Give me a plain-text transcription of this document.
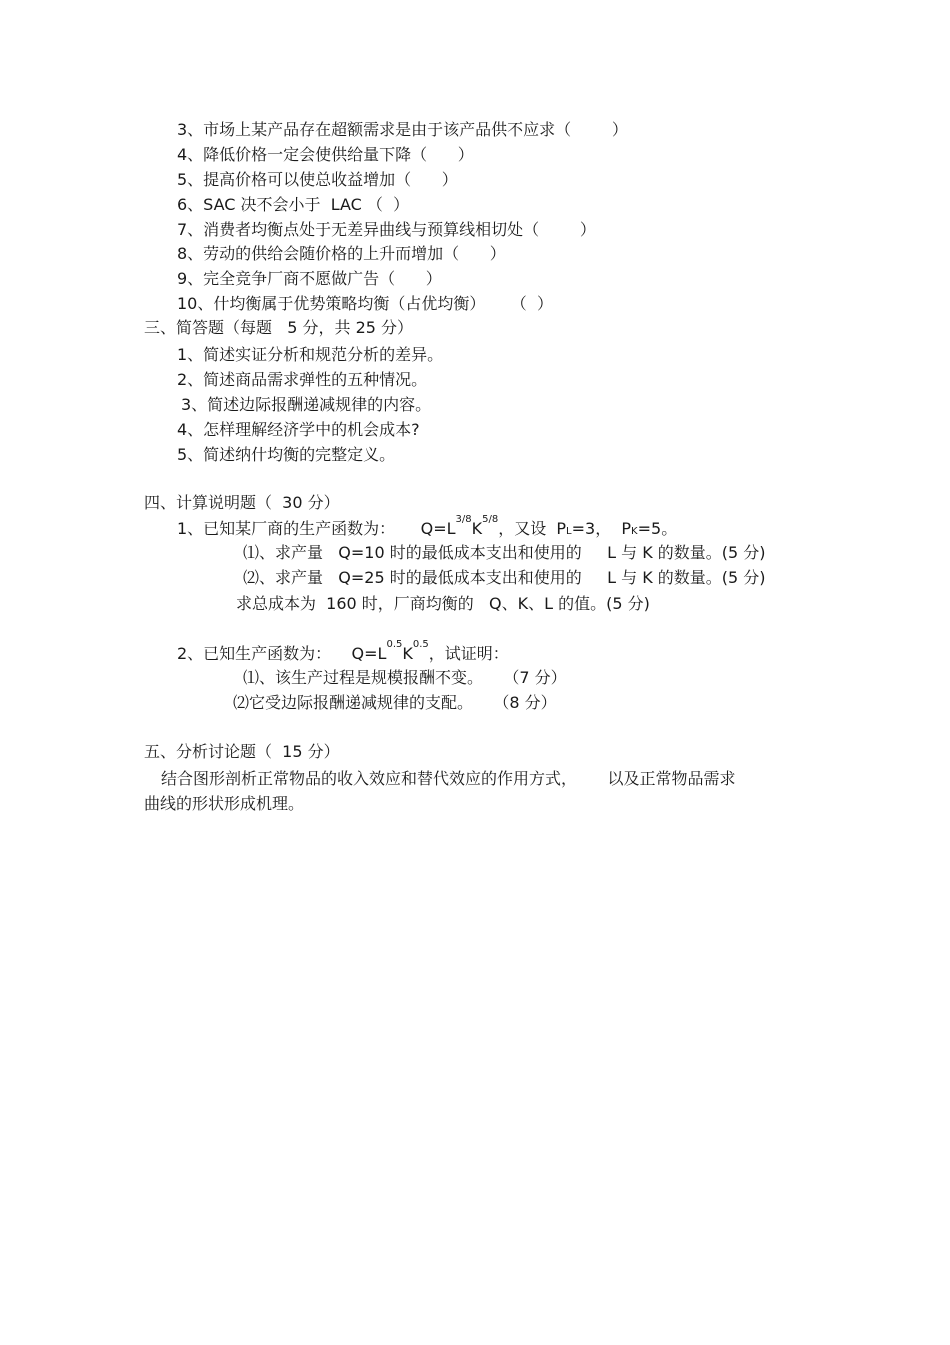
3、市场上某产品存在超额需求是由于该产品供不应求（        ）
4、降低价格一定会使供给量下降（      ）
5、提高价格可以使总收益增加（      ）
6、SAC 决不会小于  LAC （  ）
7、消费者均衡点处于无差异曲线与预算线相切处（        ）
8、劳动的供给会随价格的上升而增加（      ）
9、完全竞争厂商不愿做广告（      ）
10、什均衡属于优势策略均衡（占优均衡）     （  ）
三、简答题（每题   5 分，共 25 分）
1、简述实证分析和规范分析的差异。
2、简述商品需求弹性的五种情况。
3、简述边际报酬递减规律的内容。
4、怎样理解经济学中的机会成本?
5、简述纳什均衡的完整定义。
四、计算说明题（  30 分）
1、已知某厂商的生产函数为：     $Q=L^{3/8}K^{5/8}$，又设  PL=3，  PK=5。
⑴、求产量   Q=10 时的最低成本支出和使用的     L 与 K 的数量。(5 分)
⑵、求产量   Q=25 时的最低成本支出和使用的     L 与 K 的数量。(5 分)
求总成本为  160 时，厂商均衡的   Q、K、L 的值。(5 分)
2、已知生产函数为：    $Q=L^{0.5}K^{0.5}$，试证明：
⑴、该生产过程是规模报酬不变。    （7 分）
⑵它受边际报酬递减规律的支配。    （8 分）
五、分析讨论题（  15 分）
结合图形剖析正常物品的收入效应和替代效应的作用方式，      以及正常物品需求
曲线的形状形成机理。
